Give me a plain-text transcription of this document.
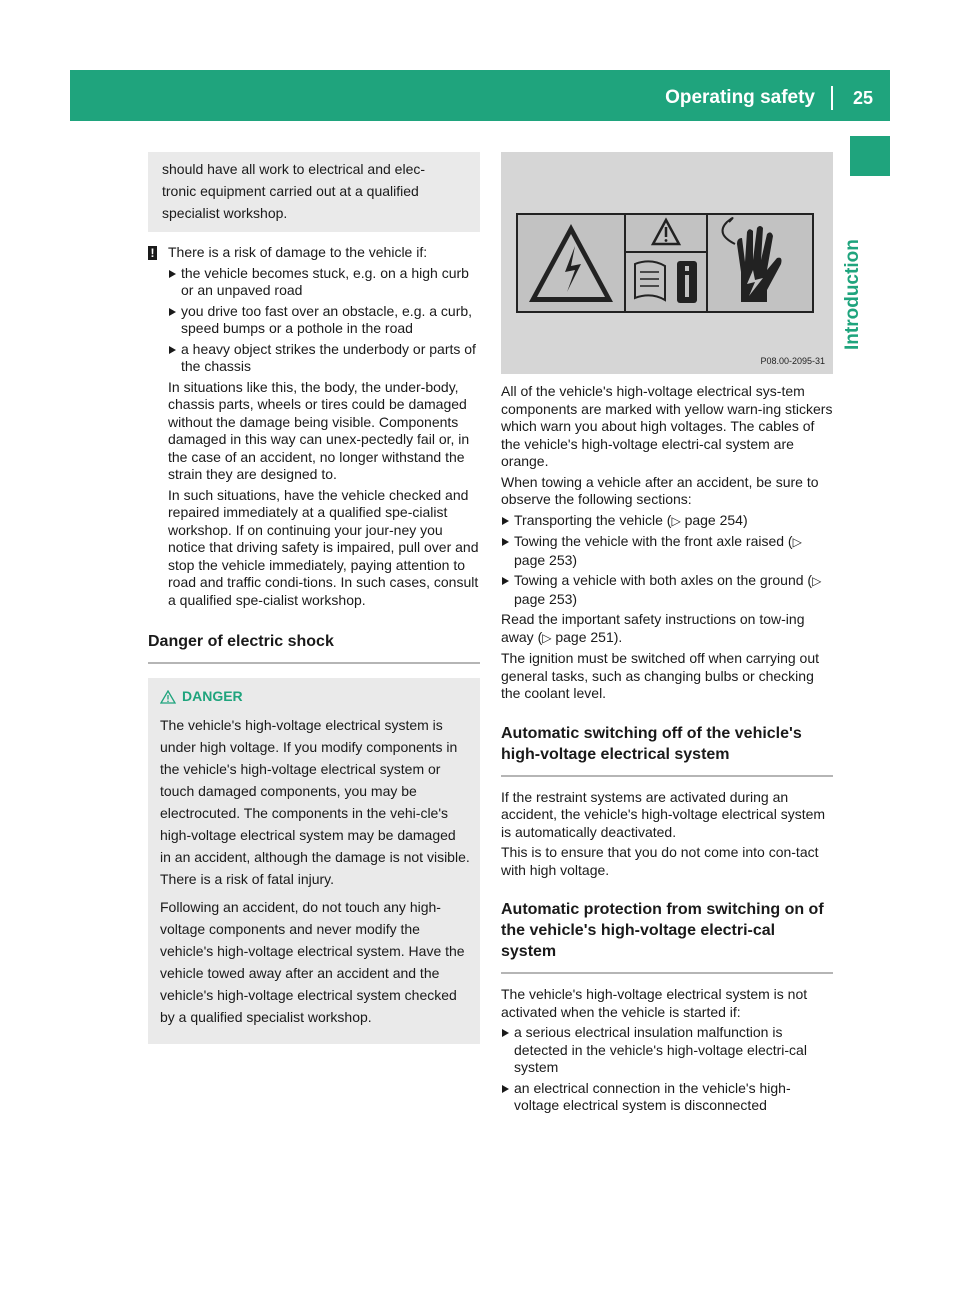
Operating safety	25
Introduction

should have all work to electrical and elec-

tronic equipment carried out at a qualified

specialist workshop.

! There is a risk of damage to the vehicle if:
the vehicle becomes stuck, e.g. on a high curb or an unpaved road
you drive too fast over an obstacle, e.g. a curb, speed bumps or a pothole in the road
a heavy object strikes the underbody or parts of the chassis

In situations like this, the body, the under-body, chassis parts, wheels or tires could be damaged without the damage being visible. Components damaged in this way can unex-pectedly fail or, in the case of an accident, no longer withstand the strain they are designed to.

In such situations, have the vehicle checked and repaired immediately at a qualified spe-cialist workshop. If on continuing your jour-ney you notice that driving safety is impaired, pull over and stop the vehicle immediately, paying attention to road and traffic condi-tions. In such cases, consult a qualified spe-cialist workshop.

Danger of electric shock
DANGER

The vehicle's high-voltage electrical system is under high voltage. If you modify components in the vehicle's high-voltage electrical system or touch damaged components, you may be electrocuted. The components in the vehi-cle's high-voltage electrical system may be damaged in an accident, although the damage is not visible. There is a risk of fatal injury.

Following an accident, do not touch any high-voltage components and never modify the vehicle's high-voltage electrical system. Have the vehicle towed away after an accident and the vehicle's high-voltage electrical system checked by a qualified specialist workshop.

P08.00-2095-31

All of the vehicle's high-voltage electrical sys-tem components are marked with yellow warn-ing stickers which warn you about high voltages. The cables of the vehicle's high-voltage electri-cal system are orange.

When towing a vehicle after an accident, be sure to observe the following sections:

Transporting the vehicle (▷ page 254)
Towing the vehicle with the front axle raised (▷ page 253)
Towing a vehicle with both axles on the ground (▷ page 253)

Read the important safety instructions on tow-ing away (▷ page 251).

The ignition must be switched off when carrying out general tasks, such as changing bulbs or checking the coolant level.

Automatic switching off of the vehicle's high-voltage electrical system

If the restraint systems are activated during an accident, the vehicle's high-voltage electrical system is automatically deactivated.

This is to ensure that you do not come into con-tact with high voltage.

Automatic protection from switching on of the vehicle's high-voltage electri-cal system

The vehicle's high-voltage electrical system is not activated when the vehicle is started if:

a serious electrical insulation malfunction is detected in the vehicle's high-voltage electri-cal system
an electrical connection in the vehicle's high-voltage electrical system is disconnected
